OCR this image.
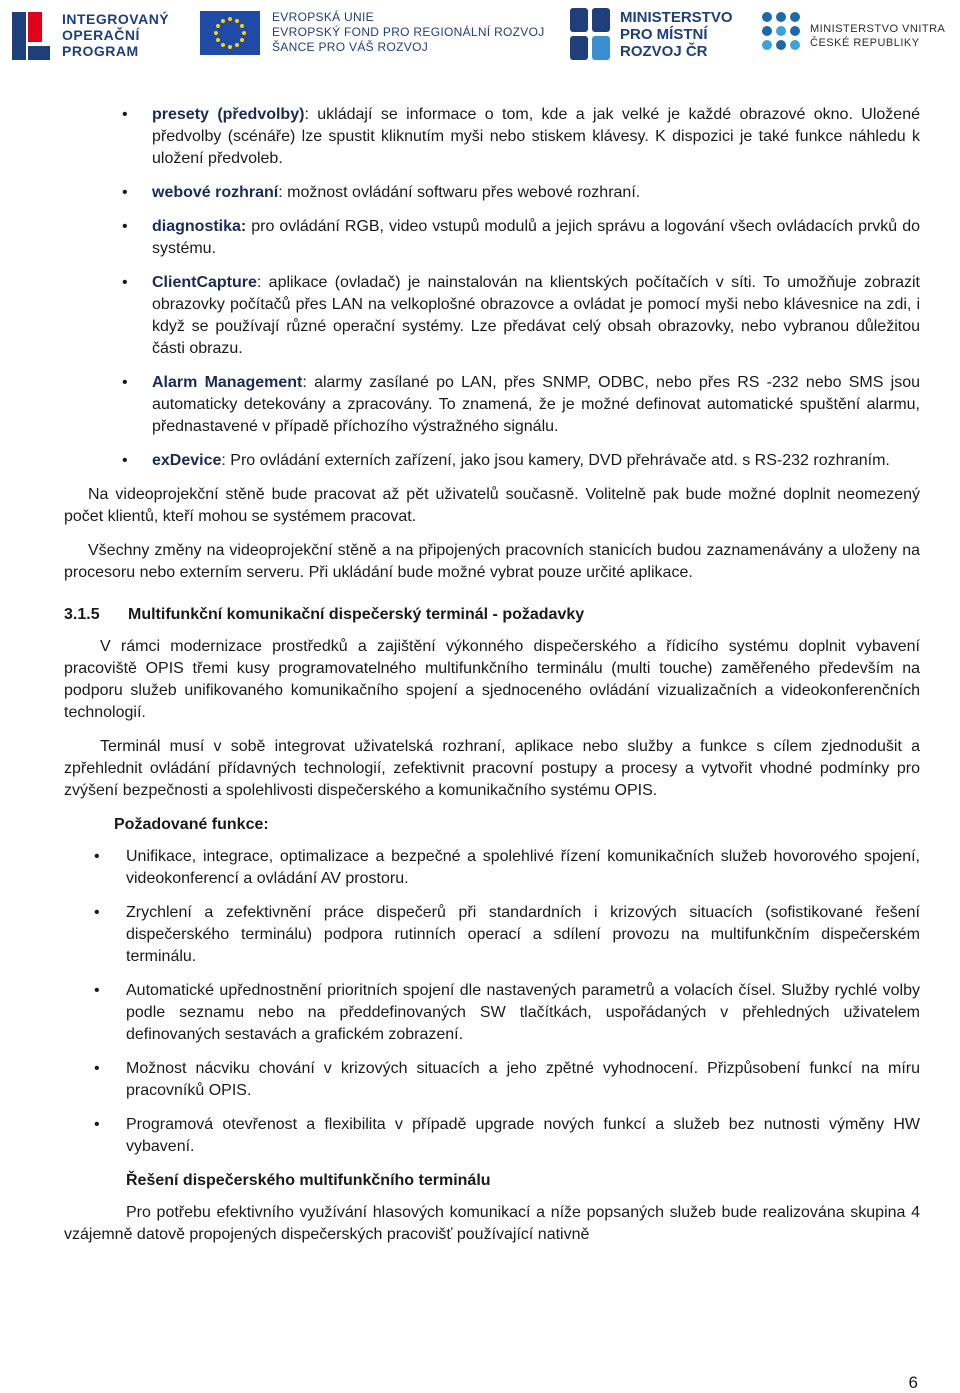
INTEGROVANÝ
OPERAČNÍ
PROGRAM
EVROPSKÁ UNIE
EVROPSKÝ FOND PRO REGIONÁLNÍ ROZVOJ
ŠANCE PRO VÁŠ ROZVOJ
MINISTERSTVO
PRO MÍSTNÍ
ROZVOJ ČR
MINISTERSTVO VNITRA
ČESKÉ REPUBLIKY
• presety (předvolby): ukládají se informace o tom, kde a jak velké je každé obrazové okno. Uložené předvolby (scénáře) lze spustit kliknutím myši nebo stiskem klávesy. K dispozici je také funkce náhledu k uložení předvoleb.
• webové rozhraní: možnost ovládání softwaru přes webové rozhraní.
• diagnostika: pro ovládání RGB, video vstupů modulů a jejich správu a logování všech ovládacích prvků do systému.
• ClientCapture: aplikace (ovladač) je nainstalován na klientských počítačích v síti. To umožňuje zobrazit obrazovky počítačů přes LAN na velkoplošné obrazovce a ovládat je pomocí myši nebo klávesnice na zdi, i když se používají různé operační systémy. Lze předávat celý obsah obrazovky, nebo vybranou důležitou části obrazu.
• Alarm Management: alarmy zasílané po LAN, přes SNMP, ODBC, nebo přes RS -232 nebo SMS jsou automaticky detekovány a zpracovány. To znamená, že je možné definovat automatické spuštění alarmu, přednastavené v případě příchozího výstražného signálu.
• exDevice: Pro ovládání externích zařízení, jako jsou kamery, DVD přehrávače atd. s RS-232 rozhraním.

Na videoprojekční stěně bude pracovat až pět uživatelů současně. Volitelně pak bude možné doplnit neomezený počet klientů, kteří mohou se systémem pracovat.

Všechny změny na videoprojekční stěně a na připojených pracovních stanicích budou zaznamenávány a uloženy na procesoru nebo externím serveru. Při ukládání bude možné vybrat pouze určité aplikace.

3.1.5 Multifunkční komunikační dispečerský terminál - požadavky

V rámci modernizace prostředků a zajištění výkonného dispečerského a řídicího systému doplnit vybavení pracoviště OPIS třemi kusy programovatelného multifunkčního terminálu (multi touche) zaměřeného především na podporu služeb unifikovaného komunikačního spojení a sjednoceného ovládání vizualizačních a videokonferenčních technologií.

Terminál musí v sobě integrovat uživatelská rozhraní, aplikace nebo služby a funkce s cílem zjednodušit a zpřehlednit ovládání přídavných technologií, zefektivnit pracovní postupy a procesy a vytvořit vhodné podmínky pro zvýšení bezpečnosti a spolehlivosti dispečerského a komunikačního systému OPIS.

Požadované funkce:
• Unifikace, integrace, optimalizace a bezpečné a spolehlivé řízení komunikačních služeb hovorového spojení, videokonferencí a ovládání AV prostoru.
• Zrychlení a zefektivnění práce dispečerů při standardních i krizových situacích (sofistikované řešení dispečerského terminálu) podpora rutinních operací a sdílení provozu na multifunkčním dispečerském terminálu.
• Automatické upřednostnění prioritních spojení dle nastavených parametrů a volacích čísel. Služby rychlé volby podle seznamu nebo na předdefinovaných SW tlačítkách, uspořádaných v přehledných uživatelem definovaných sestavách a grafickém zobrazení.
• Možnost nácviku chování v krizových situacích a jeho zpětné vyhodnocení. Přizpůsobení funkcí na míru pracovníků OPIS.
• Programová otevřenost a flexibilita v případě upgrade nových funkcí a služeb bez nutnosti výměny HW vybavení.
Řešení dispečerského multifunkčního terminálu

Pro potřebu efektivního využívání hlasových komunikací a níže popsaných služeb bude realizována skupina 4 vzájemně datově propojených dispečerských pracovišť používající nativně

6
